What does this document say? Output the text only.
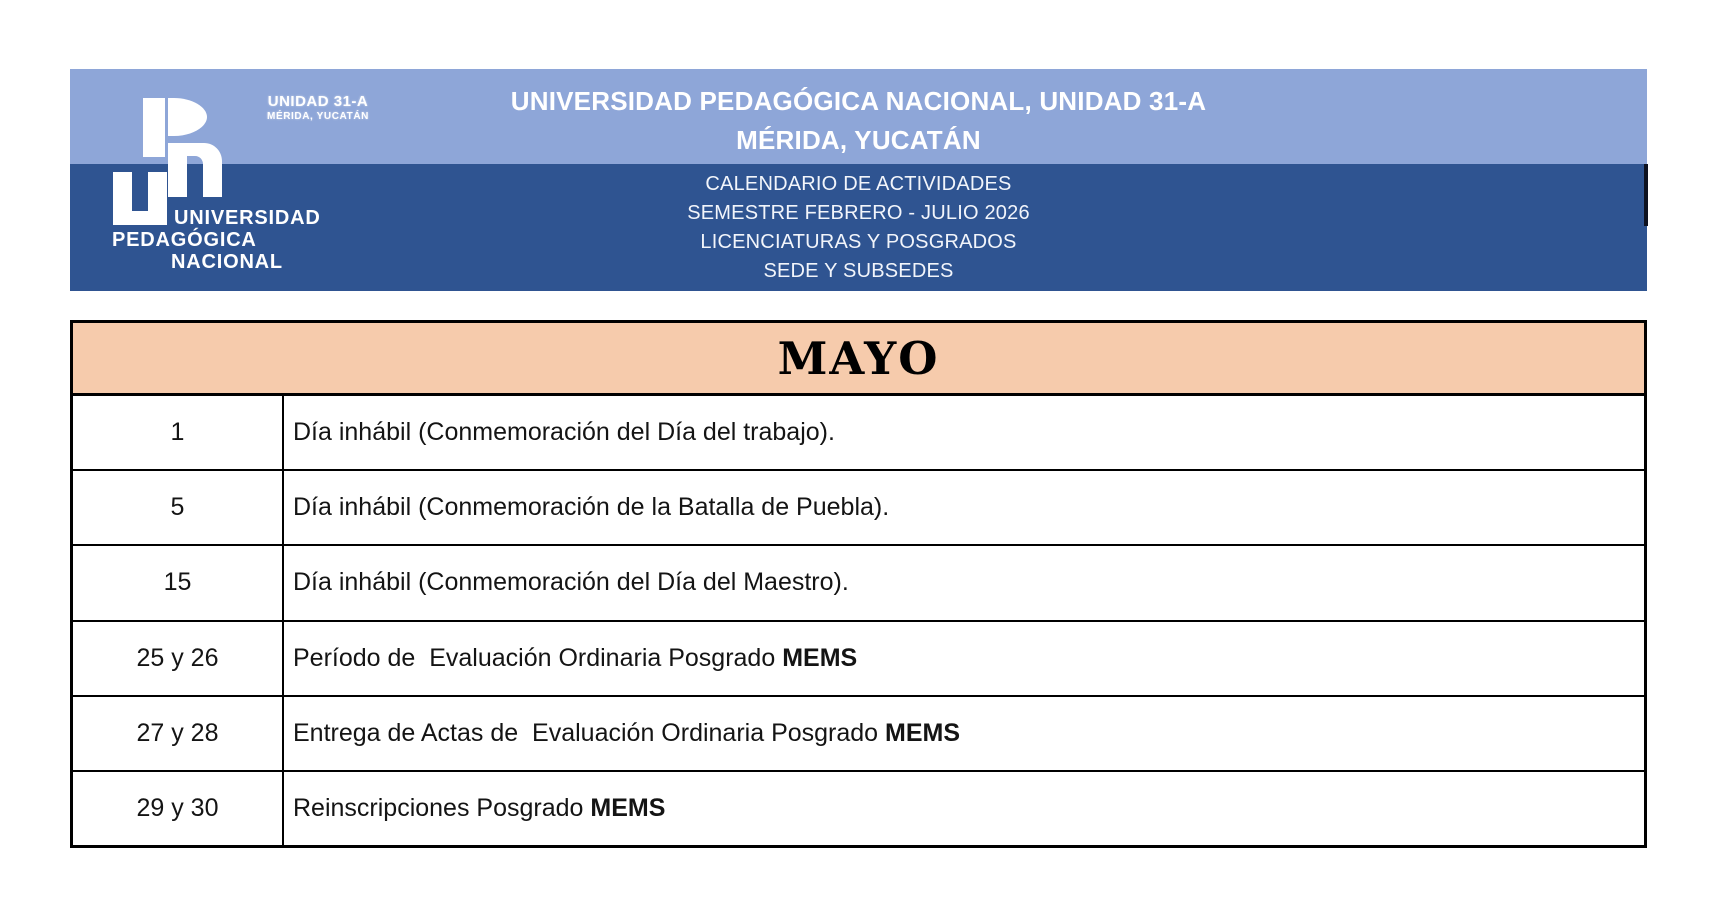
UNIVERSIDAD PEDAGÓGICA NACIONAL, UNIDAD 31-A
MÉRIDA, YUCATÁN
CALENDARIO DE ACTIVIDADES
SEMESTRE FEBRERO - JULIO 2026
LICENCIATURAS Y POSGRADOS
SEDE Y SUBSEDES
UNIDAD 31-A
MÉRIDA, YUCATÁN
UNIVERSIDAD
PEDAGÓGICA
NACIONAL
MAYO
1	Día inhábil (Conmemoración del Día del trabajo).
5	Día inhábil (Conmemoración de la Batalla de Puebla).
15	Día inhábil (Conmemoración del Día del Maestro).
25 y 26	Período de  Evaluación Ordinaria Posgrado MEMS
27 y 28	Entrega de Actas de  Evaluación Ordinaria Posgrado MEMS
29 y 30	Reinscripciones Posgrado MEMS
